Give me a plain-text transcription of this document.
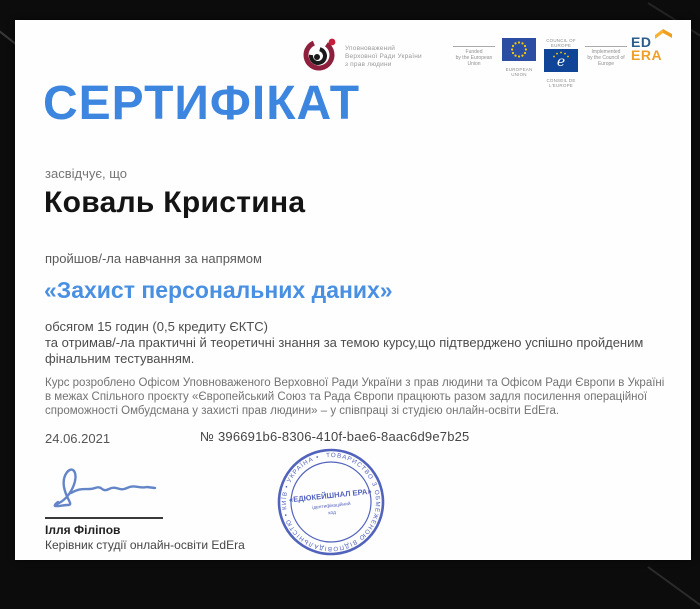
Уповноважений
Верховної Ради України
з прав людини
Funded
by the European Union
EUROPEAN UNION
COUNCIL OF EUROPE
e
CONSEIL DE L'EUROPE
Implemented
by the Council of Europe
ED
ERA
СЕРТИФІКАТ
засвідчує, що
Коваль Кристина
пройшов/-ла навчання за напрямом
«Захист персональних даних»
обсягом 15 годин (0,5 кредиту ЄКТС)
та отримав/-ла практичні й теоретичні знання за темою курсу,що підтверджено успішно пройденим фінальним тестуванням.
Курс розроблено Офісом Уповноваженого Верховної Ради України з прав людини та Офісом Ради Європи в Україні в межах Спільного проєкту «Європейський Союз та Рада Європи працюють разом задля посилення операційної спроможності Омбудсмана у захисті прав людини» – у співпраці зі студією онлайн-освіти EdEra.
24.06.2021	№ 396691b6-8306-410f-bae6-8aac6d9e7b25
Ілля Філіпов
Керівник студії онлайн-освіти EdEra
ТОВАРИСТВО З ОБМЕЖЕНОЮ ВІДПОВІДАЛЬНІСТЮ • КИЇВ • УКРАЇНА •
«ЕДЮКЕЙШНАЛ ЕРА»
ідентифікаційний
код
